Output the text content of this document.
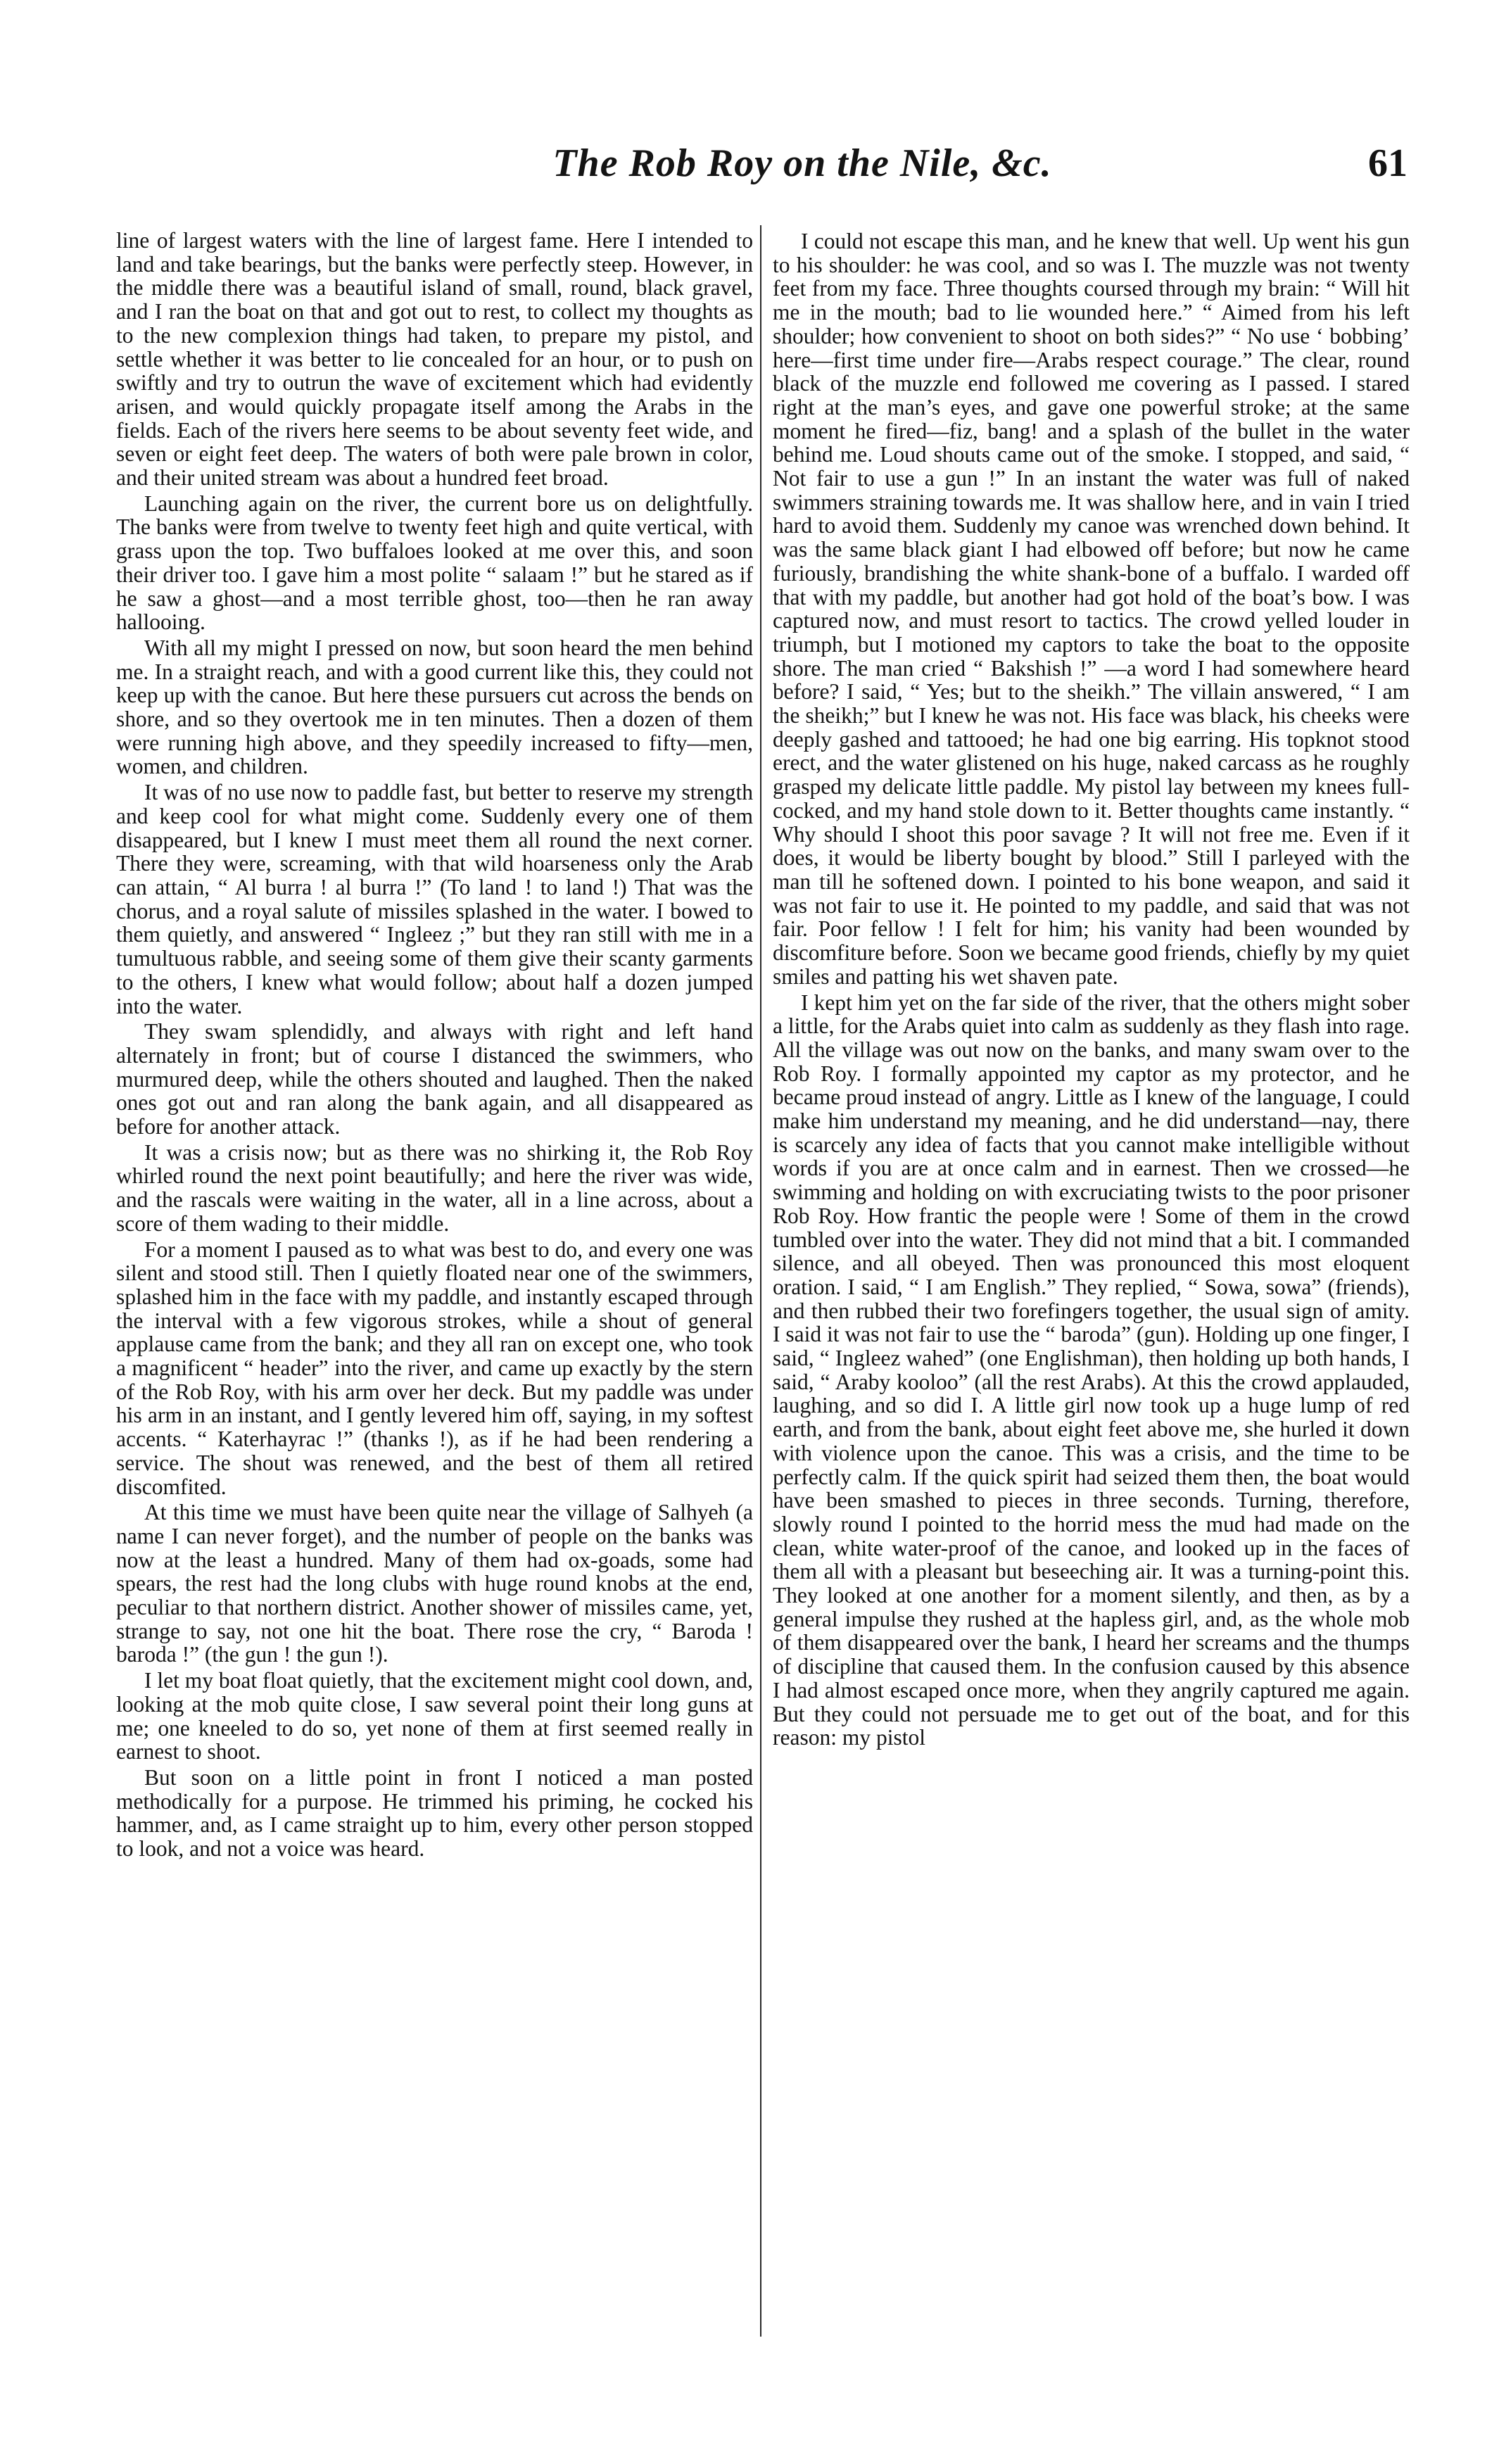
The Rob Roy on the Nile, &c.	61

line of largest waters with the line of largest fame. Here I intended to land and take bearings, but the banks were perfectly steep. However, in the middle there was a beautiful island of small, round, black gravel, and I ran the boat on that and got out to rest, to collect my thoughts as to the new complexion things had taken, to prepare my pistol, and settle whether it was better to lie concealed for an hour, or to push on swiftly and try to outrun the wave of excitement which had evidently arisen, and would quickly propagate itself among the Arabs in the fields. Each of the rivers here seems to be about seventy feet wide, and seven or eight feet deep. The waters of both were pale brown in color, and their united stream was about a hundred feet broad.

Launching again on the river, the current bore us on delightfully. The banks were from twelve to twenty feet high and quite vertical, with grass upon the top. Two buffaloes looked at me over this, and soon their driver too. I gave him a most polite “ salaam !” but he stared as if he saw a ghost—and a most terrible ghost, too—then he ran away hallooing.

With all my might I pressed on now, but soon heard the men behind me. In a straight reach, and with a good current like this, they could not keep up with the canoe. But here these pursuers cut across the bends on shore, and so they overtook me in ten minutes. Then a dozen of them were running high above, and they speedily increased to fifty—men, women, and children.

It was of no use now to paddle fast, but better to reserve my strength and keep cool for what might come. Suddenly every one of them disappeared, but I knew I must meet them all round the next corner. There they were, screaming, with that wild hoarseness only the Arab can attain, “ Al burra ! al burra !” (To land ! to land !) That was the chorus, and a royal salute of missiles splashed in the water. I bowed to them quietly, and answered “ Ingleez ;” but they ran still with me in a tumultuous rabble, and seeing some of them give their scanty garments to the others, I knew what would follow; about half a dozen jumped into the water.

They swam splendidly, and always with right and left hand alternately in front; but of course I distanced the swimmers, who murmured deep, while the others shouted and laughed. Then the naked ones got out and ran along the bank again, and all disappeared as before for another attack.

It was a crisis now; but as there was no shirking it, the Rob Roy whirled round the next point beautifully; and here the river was wide, and the rascals were waiting in the water, all in a line across, about a score of them wading to their middle.

For a moment I paused as to what was best to do, and every one was silent and stood still. Then I quietly floated near one of the swimmers, splashed him in the face with my paddle, and instantly escaped through the interval with a few vigorous strokes, while a shout of general applause came from the bank; and they all ran on except one, who took a magnificent “ header” into the river, and came up exactly by the stern of the Rob Roy, with his arm over her deck. But my paddle was under his arm in an instant, and I gently levered him off, saying, in my softest accents. “ Katerhayrac !” (thanks !), as if he had been rendering a service. The shout was renewed, and the best of them all retired discomfited.

At this time we must have been quite near the village of Salhyeh (a name I can never forget), and the number of people on the banks was now at the least a hundred. Many of them had ox-goads, some had spears, the rest had the long clubs with huge round knobs at the end, peculiar to that northern district. Another shower of missiles came, yet, strange to say, not one hit the boat. There rose the cry, “ Baroda ! baroda !” (the gun ! the gun !).

I let my boat float quietly, that the excitement might cool down, and, looking at the mob quite close, I saw several point their long guns at me; one kneeled to do so, yet none of them at first seemed really in earnest to shoot.

But soon on a little point in front I noticed a man posted methodically for a purpose. He trimmed his priming, he cocked his hammer, and, as I came straight up to him, every other person stopped to look, and not a voice was heard.

I could not escape this man, and he knew that well. Up went his gun to his shoulder: he was cool, and so was I. The muzzle was not twenty feet from my face. Three thoughts coursed through my brain: “ Will hit me in the mouth; bad to lie wounded here.” “ Aimed from his left shoulder; how convenient to shoot on both sides?” “ No use ‘ bobbing’ here—first time under fire—Arabs respect courage.” The clear, round black of the muzzle end followed me covering as I passed. I stared right at the man’s eyes, and gave one powerful stroke; at the same moment he fired—fiz, bang! and a splash of the bullet in the water behind me. Loud shouts came out of the smoke. I stopped, and said, “ Not fair to use a gun !” In an instant the water was full of naked swimmers straining towards me. It was shallow here, and in vain I tried hard to avoid them. Suddenly my canoe was wrenched down behind. It was the same black giant I had elbowed off before; but now he came furiously, brandishing the white shank-bone of a buffalo. I warded off that with my paddle, but another had got hold of the boat’s bow. I was captured now, and must resort to tactics. The crowd yelled louder in triumph, but I motioned my captors to take the boat to the opposite shore. The man cried “ Bakshish !” —a word I had somewhere heard before? I said, “ Yes; but to the sheikh.” The villain answered, “ I am the sheikh;” but I knew he was not. His face was black, his cheeks were deeply gashed and tattooed; he had one big earring. His topknot stood erect, and the water glistened on his huge, naked carcass as he roughly grasped my delicate little paddle. My pistol lay between my knees full-cocked, and my hand stole down to it. Better thoughts came instantly. “ Why should I shoot this poor savage ? It will not free me. Even if it does, it would be liberty bought by blood.” Still I parleyed with the man till he softened down. I pointed to his bone weapon, and said it was not fair to use it. He pointed to my paddle, and said that was not fair. Poor fellow ! I felt for him; his vanity had been wounded by discomfiture before. Soon we became good friends, chiefly by my quiet smiles and patting his wet shaven pate.

I kept him yet on the far side of the river, that the others might sober a little, for the Arabs quiet into calm as suddenly as they flash into rage. All the village was out now on the banks, and many swam over to the Rob Roy. I formally appointed my captor as my protector, and he became proud instead of angry. Little as I knew of the language, I could make him understand my meaning, and he did understand—nay, there is scarcely any idea of facts that you cannot make intelligible without words if you are at once calm and in earnest. Then we crossed—he swimming and holding on with excruciating twists to the poor prisoner Rob Roy. How frantic the people were ! Some of them in the crowd tumbled over into the water. They did not mind that a bit. I commanded silence, and all obeyed. Then was pronounced this most eloquent oration. I said, “ I am English.” They replied, “ Sowa, sowa” (friends), and then rubbed their two forefingers together, the usual sign of amity. I said it was not fair to use the “ baroda” (gun). Holding up one finger, I said, “ Ingleez wahed” (one Englishman), then holding up both hands, I said, “ Araby kooloo” (all the rest Arabs). At this the crowd applauded, laughing, and so did I. A little girl now took up a huge lump of red earth, and from the bank, about eight feet above me, she hurled it down with violence upon the canoe. This was a crisis, and the time to be perfectly calm. If the quick spirit had seized them then, the boat would have been smashed to pieces in three seconds. Turning, therefore, slowly round I pointed to the horrid mess the mud had made on the clean, white water-proof of the canoe, and looked up in the faces of them all with a pleasant but beseeching air. It was a turning-point this. They looked at one another for a moment silently, and then, as by a general impulse they rushed at the hapless girl, and, as the whole mob of them disappeared over the bank, I heard her screams and the thumps of discipline that caused them. In the confusion caused by this absence I had almost escaped once more, when they angrily captured me again. But they could not persuade me to get out of the boat, and for this reason: my pistol
